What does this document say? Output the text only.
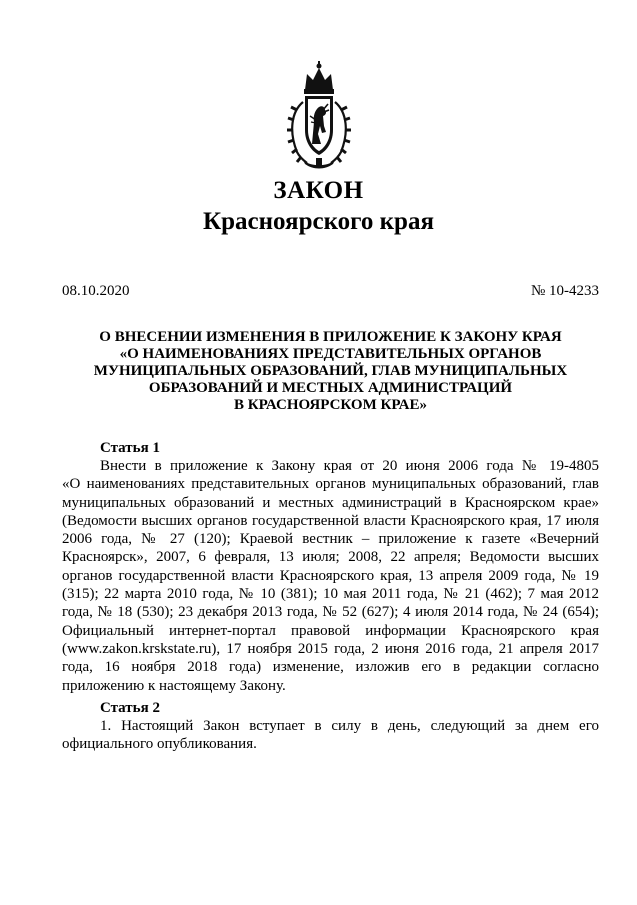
ЗАКОН
Красноярского края
08.10.2020	№ 10-4233
О ВНЕСЕНИИ ИЗМЕНЕНИЯ В ПРИЛОЖЕНИЕ К ЗАКОНУ КРАЯ
«О НАИМЕНОВАНИЯХ ПРЕДСТАВИТЕЛЬНЫХ ОРГАНОВ
МУНИЦИПАЛЬНЫХ ОБРАЗОВАНИЙ, ГЛАВ МУНИЦИПАЛЬНЫХ
ОБРАЗОВАНИЙ И МЕСТНЫХ АДМИНИСТРАЦИЙ
В КРАСНОЯРСКОМ КРАЕ»
Статья 1
Внести в приложение к Закону края от 20 июня 2006 года № 19-4805
«О наименованиях представительных органов муниципальных образований, глав
муниципальных образований и местных администраций в Красноярском крае»
(Ведомости высших органов государственной власти Красноярского края, 17 июля
2006 года, № 27 (120); Краевой вестник – приложение к газете «Вечерний
Красноярск», 2007, 6 февраля, 13 июля; 2008, 22 апреля; Ведомости высших
органов государственной власти Красноярского края, 13 апреля 2009 года, № 19
(315); 22 марта 2010 года, № 10 (381); 10 мая 2011 года, № 21 (462); 7 мая 2012
года, № 18 (530); 23 декабря 2013 года, № 52 (627); 4 июля 2014 года, № 24 (654);
Официальный интернет-портал правовой информации Красноярского края
(www.zakon.krskstate.ru), 17 ноября 2015 года, 2 июня 2016 года, 21 апреля 2017
года, 16 ноября 2018 года) изменение, изложив его в редакции согласно
приложению к настоящему Закону.
Статья 2
1. Настоящий Закон вступает в силу в день, следующий за днем его
официального опубликования.
